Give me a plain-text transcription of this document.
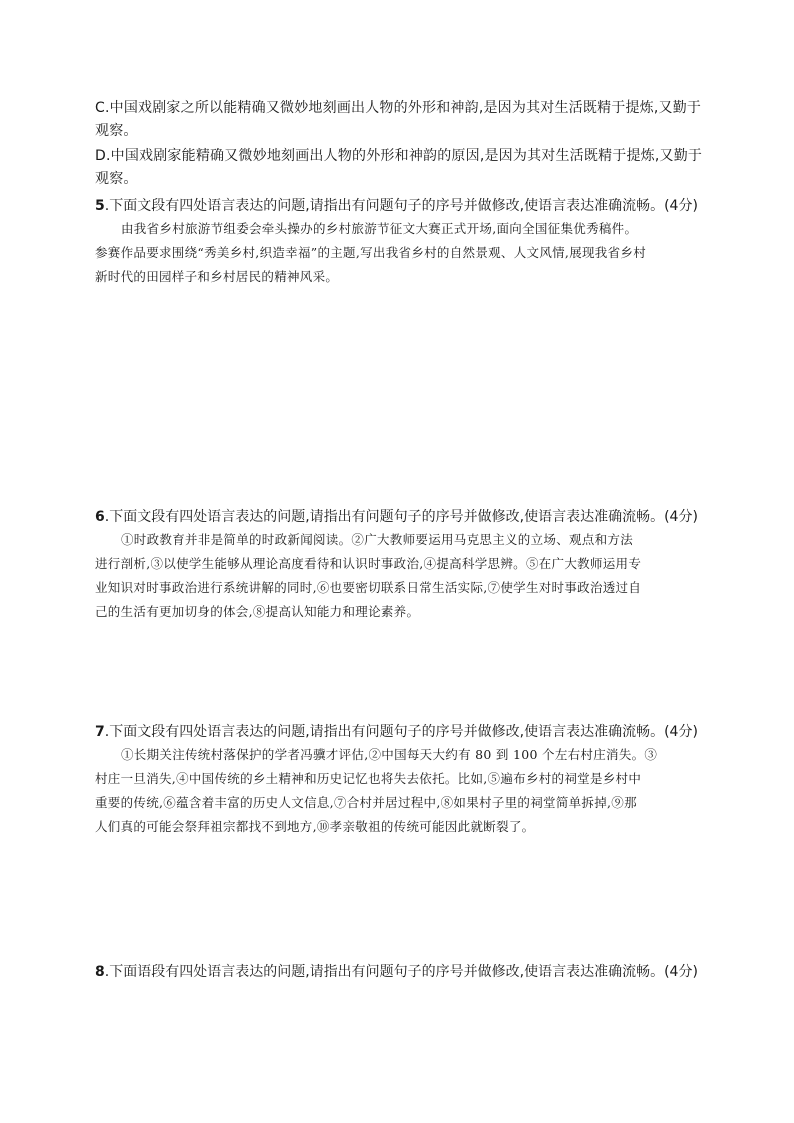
C.中国戏剧家之所以能精确又微妙地刻画出人物的外形和神韵,是因为其对生活既精于提炼,又勤于
观察。
D.中国戏剧家能精确又微妙地刻画出人物的外形和神韵的原因,是因为其对生活既精于提炼,又勤于
观察。
5.下面文段有四处语言表达的问题,请指出有问题句子的序号并做修改,使语言表达准确流畅。(4分)
由我省乡村旅游节组委会牵头操办的乡村旅游节征文大赛正式开场,面向全国征集优秀稿件。
参赛作品要求围绕“秀美乡村,织造幸福”的主题,写出我省乡村的自然景观、人文风情,展现我省乡村
新时代的田园样子和乡村居民的精神风采。
6.下面文段有四处语言表达的问题,请指出有问题句子的序号并做修改,使语言表达准确流畅。(4分)
①时政教育并非是简单的时政新闻阅读。②广大教师要运用马克思主义的立场、观点和方法
进行剖析,③以使学生能够从理论高度看待和认识时事政治,④提高科学思辨。⑤在广大教师运用专
业知识对时事政治进行系统讲解的同时,⑥也要密切联系日常生活实际,⑦使学生对时事政治透过自
己的生活有更加切身的体会,⑧提高认知能力和理论素养。
7.下面文段有四处语言表达的问题,请指出有问题句子的序号并做修改,使语言表达准确流畅。(4分)
①长期关注传统村落保护的学者冯骥才评估,②中国每天大约有 80 到 100 个左右村庄消失。③
村庄一旦消失,④中国传统的乡土精神和历史记忆也将失去依托。比如,⑤遍布乡村的祠堂是乡村中
重要的传统,⑥蕴含着丰富的历史人文信息,⑦合村并居过程中,⑧如果村子里的祠堂简单拆掉,⑨那
人们真的可能会祭拜祖宗都找不到地方,⑩孝亲敬祖的传统可能因此就断裂了。
8.下面语段有四处语言表达的问题,请指出有问题句子的序号并做修改,使语言表达准确流畅。(4分)
